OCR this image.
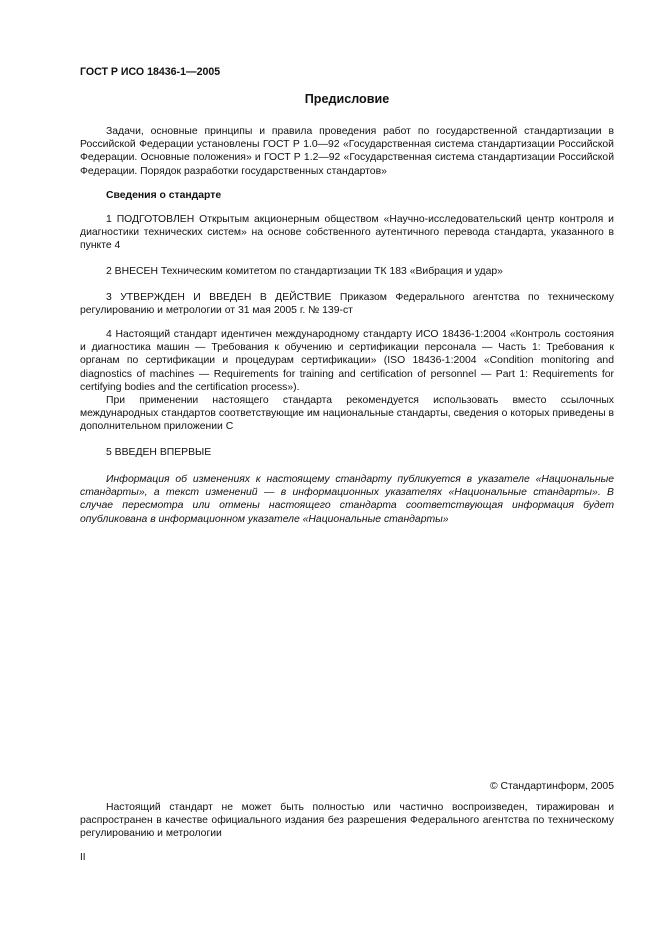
ГОСТ Р ИСО 18436-1—2005
Предисловие

Задачи, основные принципы и правила проведения работ по государственной стандартизации в Российской Федерации установлены ГОСТ Р 1.0—92 «Государственная система стандартизации Российской Федерации. Основные положения» и ГОСТ Р 1.2—92 «Государственная система стандартизации Российской Федерации. Порядок разработки государственных стандартов»

Сведения о стандарте

1 ПОДГОТОВЛЕН Открытым акционерным обществом «Научно-исследовательский центр контроля и диагностики технических систем» на основе собственного аутентичного перевода стандарта, указанного в пункте 4

2 ВНЕСЕН Техническим комитетом по стандартизации ТК 183 «Вибрация и удар»

3 УТВЕРЖДЕН И ВВЕДЕН В ДЕЙСТВИЕ Приказом Федерального агентства по техническому регулированию и метрологии от 31 мая 2005 г. № 139-ст

4 Настоящий стандарт идентичен международному стандарту ИСО 18436-1:2004 «Контроль состояния и диагностика машин — Требования к обучению и сертификации персонала — Часть 1: Требования к органам по сертификации и процедурам сертификации» (ISO 18436-1:2004 «Condition monitoring and diagnostics of machines — Requirements for training and certification of personnel — Part 1: Requirements for certifying bodies and the certification process»).

При применении настоящего стандарта рекомендуется использовать вместо ссылочных международных стандартов соответствующие им национальные стандарты, сведения о которых приведены в дополнительном приложении С

5 ВВЕДЕН ВПЕРВЫЕ

Информация об изменениях к настоящему стандарту публикуется в указателе «Национальные стандарты», а текст изменений — в информационных указателях «Национальные стандарты». В случае пересмотра или отмены настоящего стандарта соответствующая информация будет опубликована в информационном указателе «Национальные стандарты»

© Стандартинформ, 2005

Настоящий стандарт не может быть полностью или частично воспроизведен, тиражирован и распространен в качестве официального издания без разрешения Федерального агентства по техническому регулированию и метрологии

II
